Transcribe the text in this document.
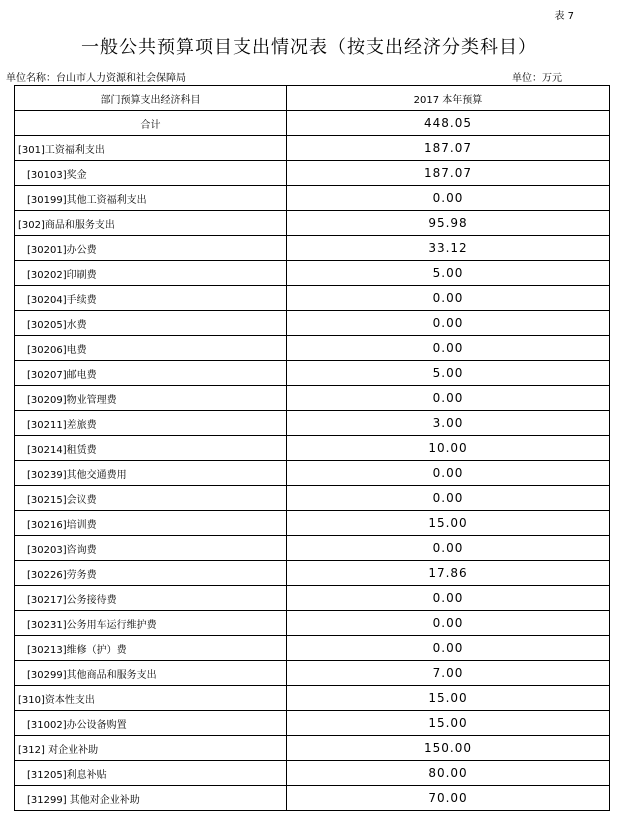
表 7
一般公共预算项目支出情况表（按支出经济分类科目）
单位名称：台山市人力资源和社会保障局	单位：万元
部门预算支出经济科目	2017 本年预算
合计	448.05
[301]工资福利支出	187.07
[30103]奖金	187.07
[30199]其他工资福利支出	0.00
[302]商品和服务支出	95.98
[30201]办公费	33.12
[30202]印刷费	5.00
[30204]手续费	0.00
[30205]水费	0.00
[30206]电费	0.00
[30207]邮电费	5.00
[30209]物业管理费	0.00
[30211]差旅费	3.00
[30214]租赁费	10.00
[30239]其他交通费用	0.00
[30215]会议费	0.00
[30216]培训费	15.00
[30203]咨询费	0.00
[30226]劳务费	17.86
[30217]公务接待费	0.00
[30231]公务用车运行维护费	0.00
[30213]维修（护）费	0.00
[30299]其他商品和服务支出	7.00
[310]资本性支出	15.00
[31002]办公设备购置	15.00
[312] 对企业补助	150.00
[31205]利息补贴	80.00
[31299] 其他对企业补助	70.00
